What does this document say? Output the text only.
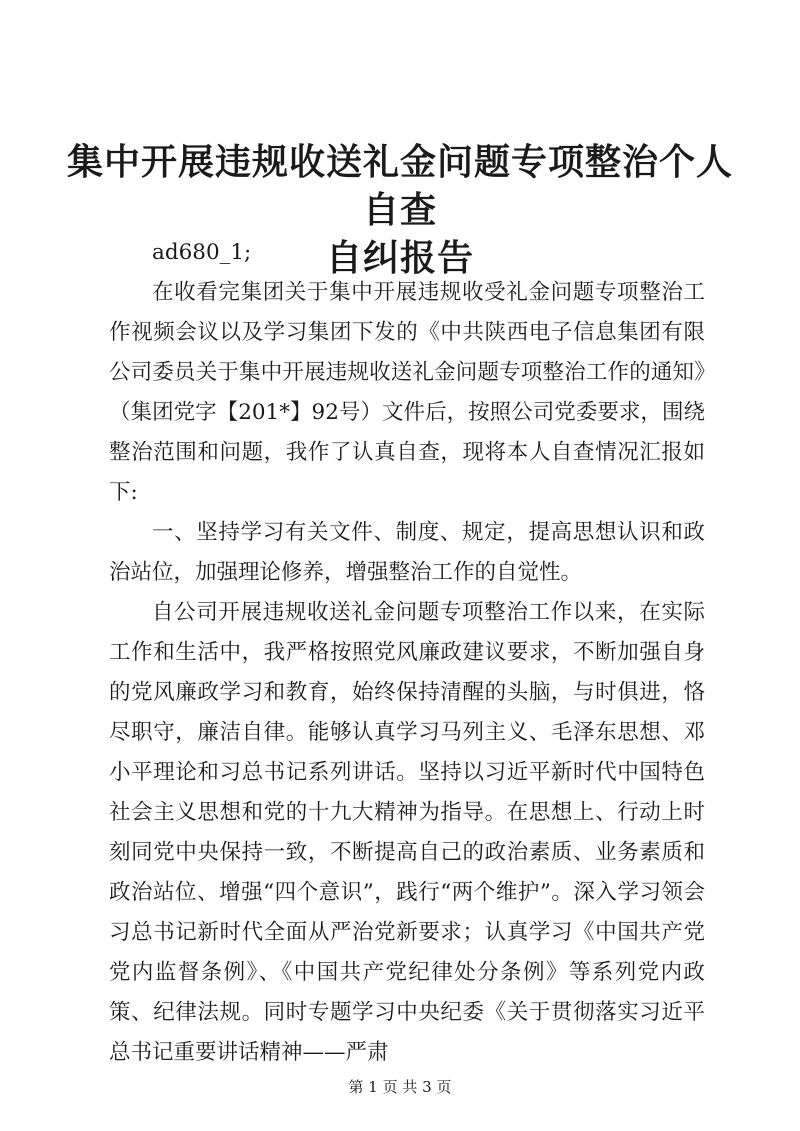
集中开展违规收送礼金问题专项整治个人自查
自纠报告

ad680_1;

在收看完集团关于集中开展违规收受礼金问题专项整治工作视频会议以及学习集团下发的《中共陕西电子信息集团有限公司委员关于集中开展违规收送礼金问题专项整治工作的通知》（集团党字【201*】92号）文件后，按照公司党委要求，围绕整治范围和问题，我作了认真自查，现将本人自查情况汇报如下:

一、坚持学习有关文件、制度、规定，提高思想认识和政治站位，加强理论修养，增强整治工作的自觉性。

自公司开展违规收送礼金问题专项整治工作以来，在实际工作和生活中，我严格按照党风廉政建议要求，不断加强自身的党风廉政学习和教育，始终保持清醒的头脑，与时俱进，恪尽职守，廉洁自律。能够认真学习马列主义、毛泽东思想、邓小平理论和习总书记系列讲话。坚持以习近平新时代中国特色社会主义思想和党的十九大精神为指导。在思想上、行动上时刻同党中央保持一致，不断提高自己的政治素质、业务素质和政治站位、增强“四个意识”，践行“两个维护”。深入学习领会习总书记新时代全面从严治党新要求；认真学习《中国共产党党内监督条例》、《中国共产党纪律处分条例》等系列党内政策、纪律法规。同时专题学习中央纪委《关于贯彻落实习近平总书记重要讲话精神——严肃

第 1 页 共 3 页
